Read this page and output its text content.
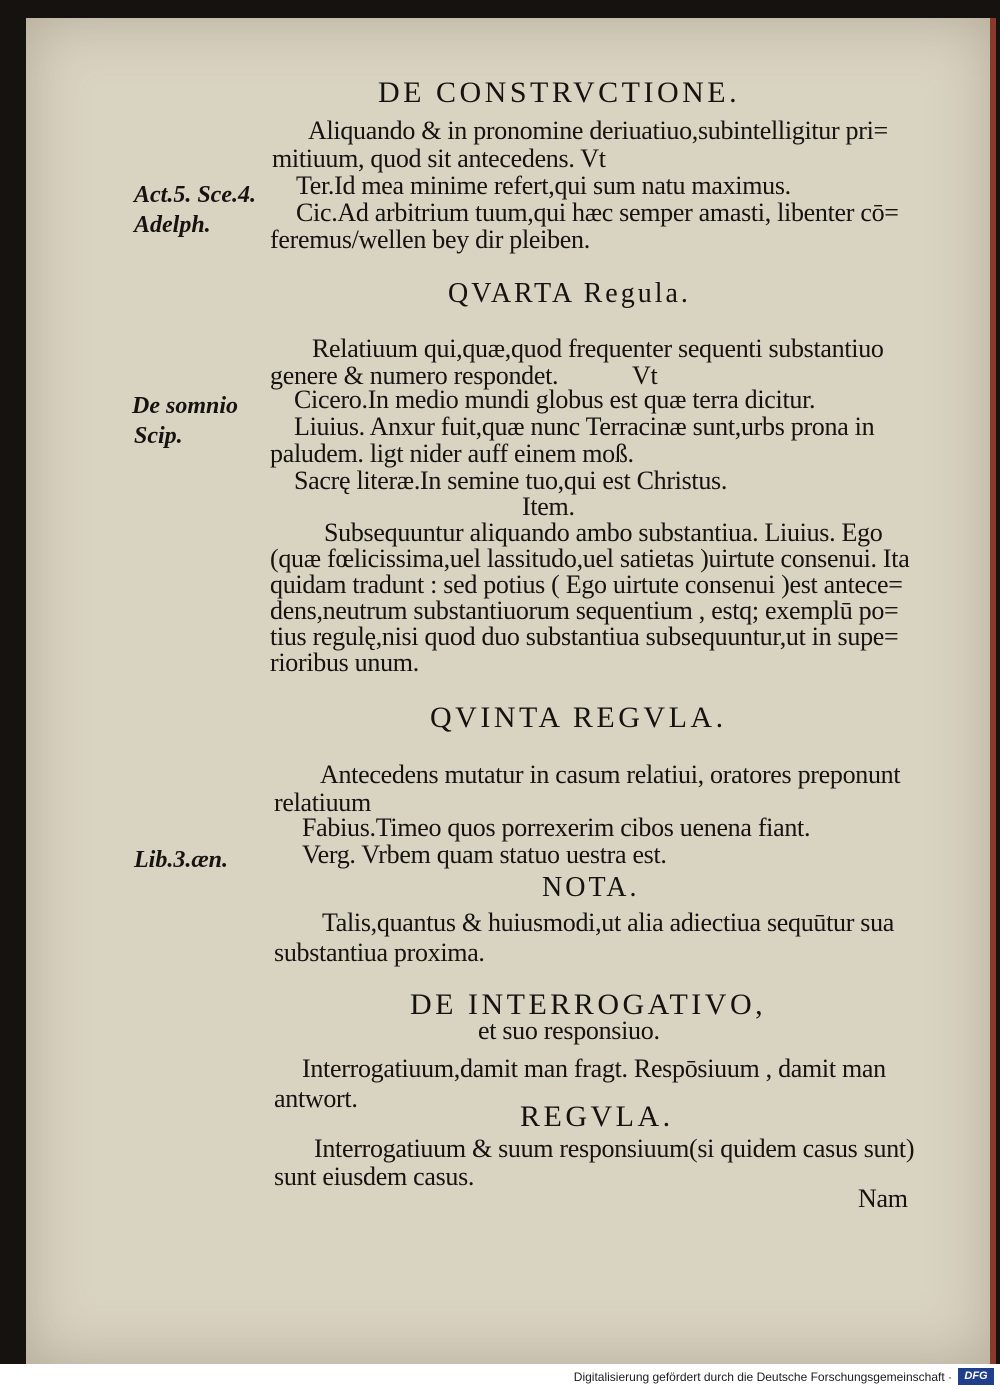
DE CONSTRVCTIONE.
Aliquando & in pronomine deriuatiuo,subintelligitur pri=
mitiuum, quod sit antecedens. Vt
Ter.Id mea minime refert,qui sum natu maximus.
Cic.Ad arbitrium tuum,qui hæc semper amasti, libenter cō=
feremus/wellen bey dir pleiben.
Act.5. Sce.4.
Adelph.
QVARTA Regula.
Relatiuum qui,quæ,quod frequenter sequenti substantiuo
genere & numero respondet.	Vt
Cicero.In medio mundi globus est quæ terra dicitur.
Liuius. Anxur fuit,quæ nunc Terracinæ sunt,urbs prona in
paludem. ligt nider auff einem moß.
Sacrę literæ.In semine tuo,qui est Christus.
Item.
Subsequuntur aliquando ambo substantiua. Liuius. Ego
(quæ fœlicissima,uel lassitudo,uel satietas )uirtute consenui. Ita
quidam tradunt : sed potius ( Ego uirtute consenui )est antece=
dens,neutrum substantiuorum sequentium , estq; exemplū po=
tius regulę,nisi quod duo substantiua subsequuntur,ut in supe=
rioribus unum.
De somnio
Scip.
QVINTA REGVLA.
Antecedens mutatur in casum relatiui, oratores preponunt
relatiuum
Fabius.Timeo quos porrexerim cibos uenena fiant.
Verg. Vrbem quam statuo uestra est.
Lib.3.æn.
NOTA.
Talis,quantus & huiusmodi,ut alia adiectiua sequūtur sua
substantiua proxima.
DE INTERROGATIVO,
et suo responsiuo.
Interrogatiuum,damit man fragt. Respōsiuum , damit man
antwort.
REGVLA.
Interrogatiuum & suum responsiuum(si quidem casus sunt)
sunt eiusdem casus.
Nam
Digitalisierung gefördert durch die Deutsche Forschungsgemeinschaft ·	DFG
